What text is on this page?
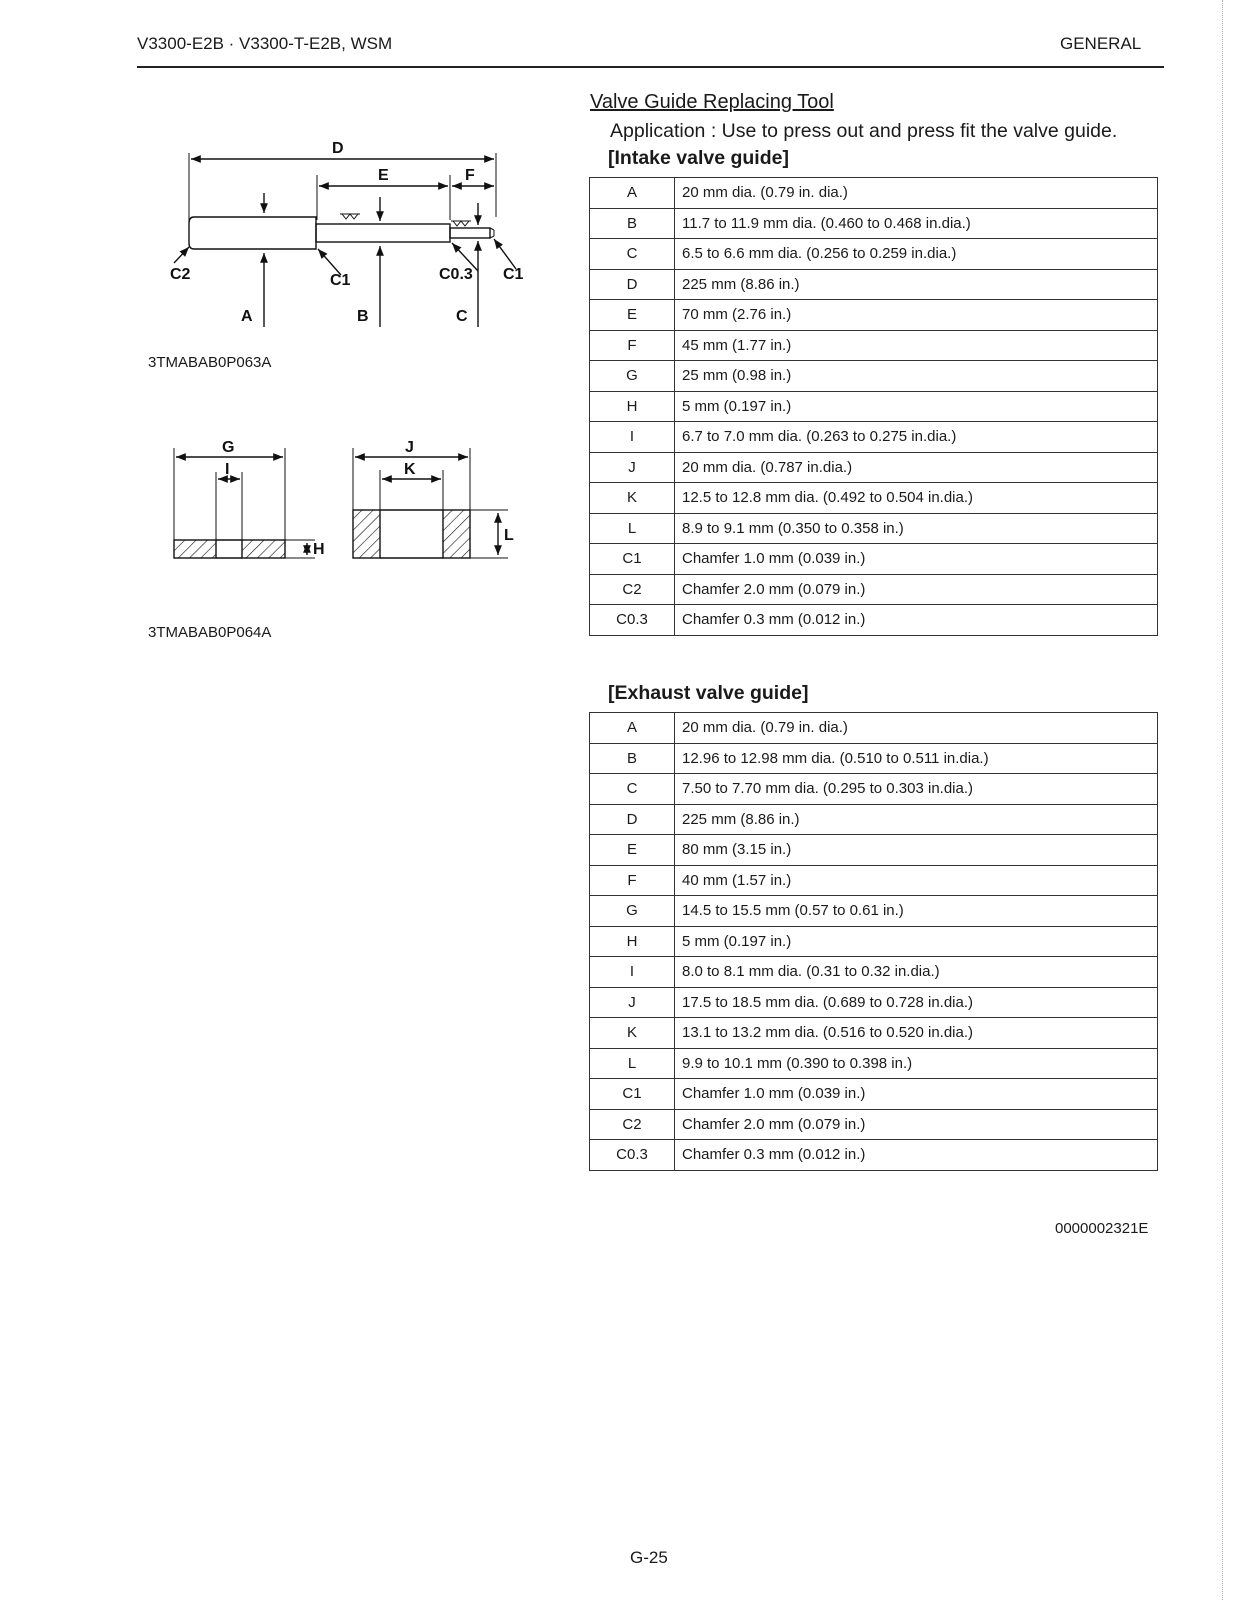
V3300-E2B · V3300-T-E2B, WSM	GENERAL
D
E	F
A	B	C
C2	C1	C0.3 C1
3TMABAB0P063A
G
I
H
J
K
L
3TMABAB0P064A
Valve Guide Replacing Tool
Application : Use to press out and press fit the valve guide.
[Intake valve guide]
A	20 mm dia. (0.79 in. dia.)
B	11.7 to 11.9 mm dia. (0.460 to 0.468 in.dia.)
C	6.5 to 6.6 mm dia. (0.256 to 0.259 in.dia.)
D	225 mm (8.86 in.)
E	70 mm (2.76 in.)
F	45 mm (1.77 in.)
G	25 mm (0.98 in.)
H	5 mm (0.197 in.)
I	6.7 to 7.0 mm dia. (0.263 to 0.275 in.dia.)
J	20 mm dia. (0.787 in.dia.)
K	12.5 to 12.8 mm dia. (0.492 to 0.504 in.dia.)
L	8.9 to 9.1 mm (0.350 to 0.358 in.)
C1	Chamfer 1.0 mm (0.039 in.)
C2	Chamfer 2.0 mm (0.079 in.)
C0.3	Chamfer 0.3 mm (0.012 in.)
[Exhaust valve guide]
A	20 mm dia. (0.79 in. dia.)
B	12.96 to 12.98 mm dia. (0.510 to 0.511 in.dia.)
C	7.50 to 7.70 mm dia. (0.295 to 0.303 in.dia.)
D	225 mm (8.86 in.)
E	80 mm (3.15 in.)
F	40 mm (1.57 in.)
G	14.5 to 15.5 mm (0.57 to 0.61 in.)
H	5 mm (0.197 in.)
I	8.0 to 8.1 mm dia. (0.31 to 0.32 in.dia.)
J	17.5 to 18.5 mm dia. (0.689 to 0.728 in.dia.)
K	13.1 to 13.2 mm dia. (0.516 to 0.520 in.dia.)
L	9.9 to 10.1 mm (0.390 to 0.398 in.)
C1	Chamfer 1.0 mm (0.039 in.)
C2	Chamfer 2.0 mm (0.079 in.)
C0.3	Chamfer 0.3 mm (0.012 in.)
0000002321E
G-25
